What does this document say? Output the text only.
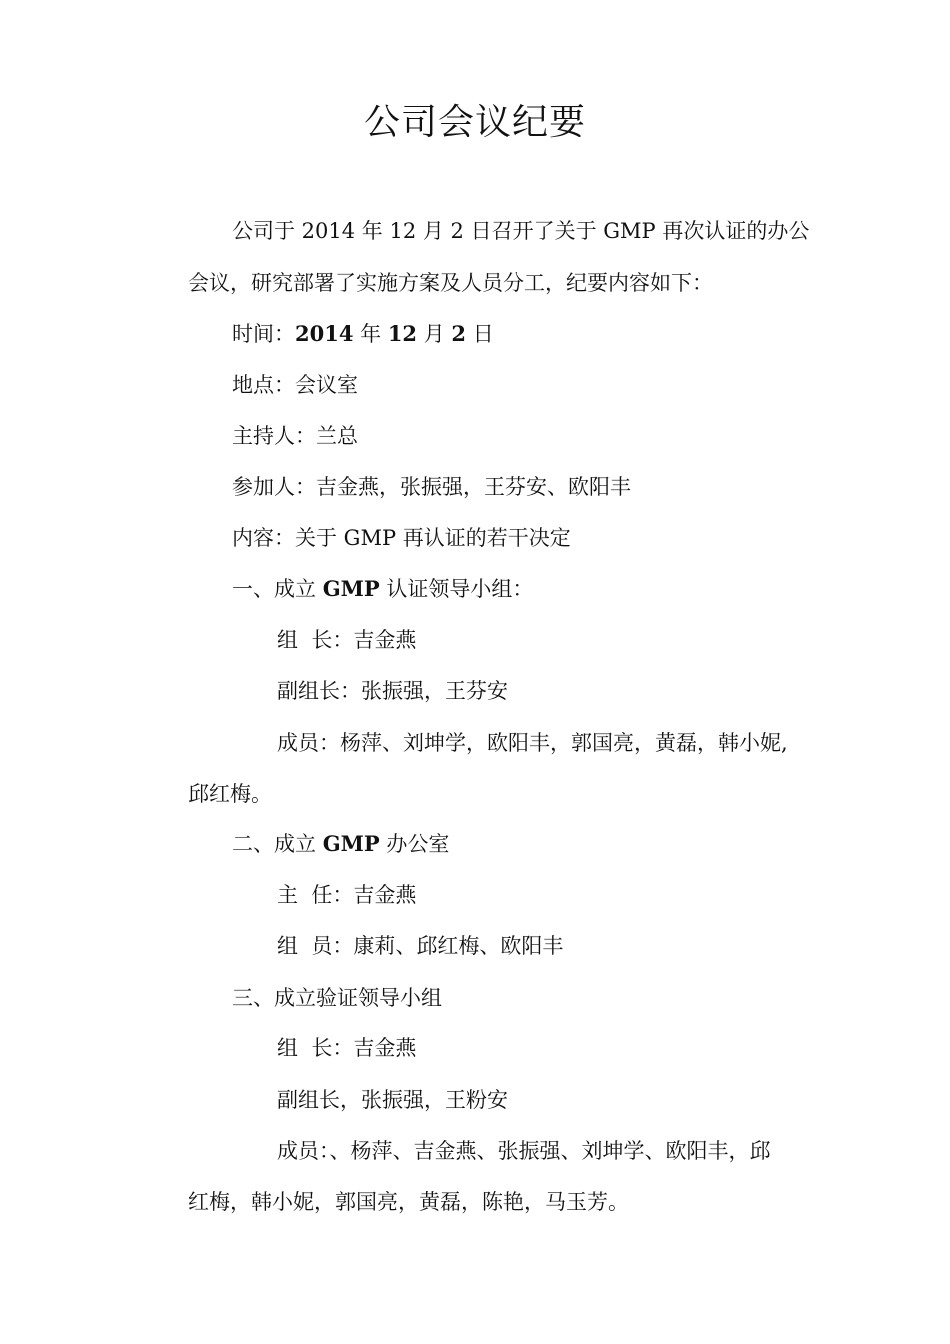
公司会议纪要
公司于 2014 年 12 月 2 日召开了关于 GMP 再次认证的办公
会议，研究部署了实施方案及人员分工，纪要内容如下：
时间：2014 年 12 月 2 日
地点：会议室
主持人：兰总
参加人：吉金燕，张振强，王芬安、欧阳丰
内容：关于 GMP 再认证的若干决定
一、成立 GMP 认证领导小组：
组  长：吉金燕
副组长：张振强，王芬安
成员：杨萍、刘坤学，欧阳丰，郭国亮，黄磊，韩小妮,
邱红梅。
二、成立 GMP 办公室
主  任：吉金燕
组  员：康莉、邱红梅、欧阳丰
三、成立验证领导小组
组  长：吉金燕
副组长，张振强，王粉安
成员：、杨萍、吉金燕、张振强、刘坤学、欧阳丰，邱
红梅，韩小妮，郭国亮，黄磊，陈艳，马玉芳。
